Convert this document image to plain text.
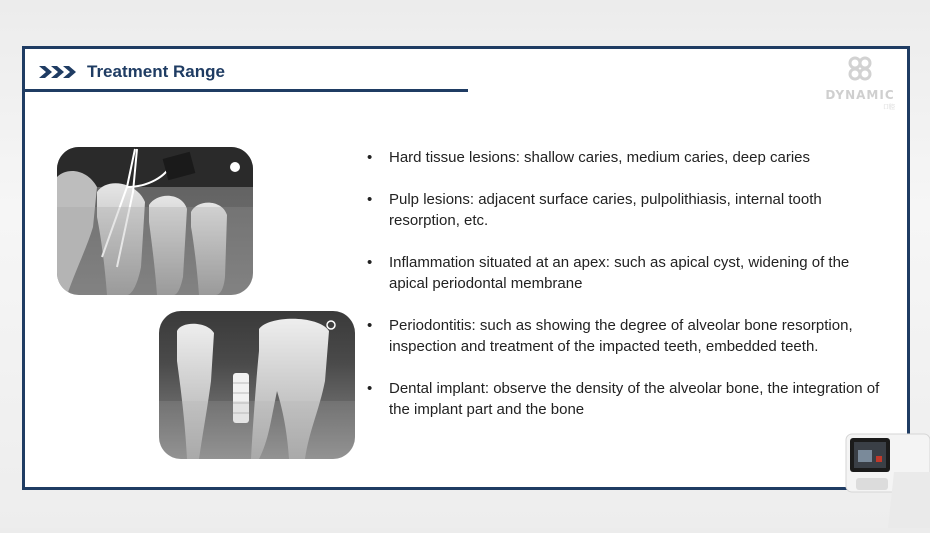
Treatment Range
DYNAMIC
口腔
• Hard tissue lesions: shallow caries, medium caries, deep caries
• Pulp lesions: adjacent surface caries, pulpolithiasis, internal tooth resorption, etc.
• Inflammation situated at an apex: such as apical cyst, widening of the apical periodontal membrane
• Periodontitis: such as showing the degree of alveolar bone resorption, inspection and treatment of the impacted teeth, embedded teeth.
• Dental implant: observe the density of the alveolar bone, the integration of the implant part and the bone
